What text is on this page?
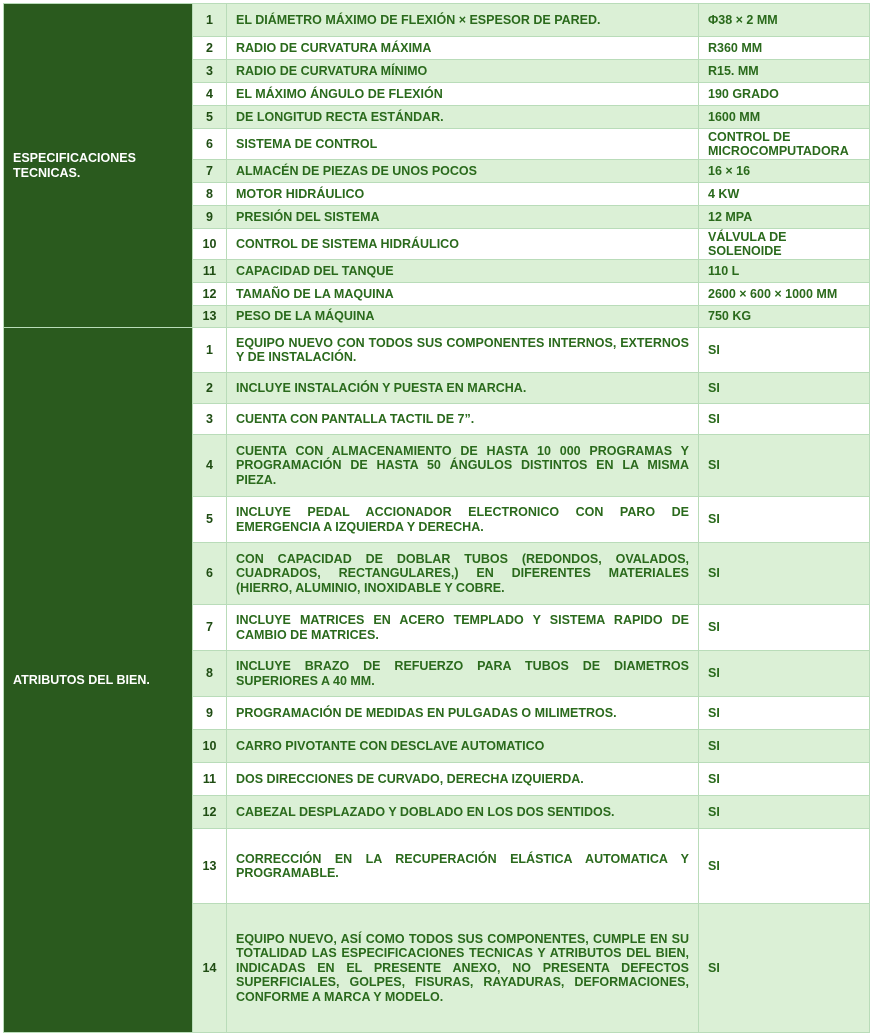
ESPECIFICACIONES TECNICAS.	1	EL DIÁMETRO MÁXIMO DE FLEXIÓN × ESPESOR DE PARED.	Φ38 × 2 MM
	2	RADIO DE CURVATURA MÁXIMA	R360 MM
	3	RADIO DE CURVATURA MÍNIMO	R15. MM
	4	EL MÁXIMO ÁNGULO DE FLEXIÓN	190 GRADO
	5	DE LONGITUD RECTA ESTÁNDAR.	1600 MM
	6	SISTEMA DE CONTROL	CONTROL DE MICROCOMPUTADORA
	7	ALMACÉN DE PIEZAS DE UNOS POCOS	16 × 16
	8	MOTOR HIDRÁULICO	4 KW
	9	PRESIÓN DEL SISTEMA	12 MPA
	10	CONTROL DE SISTEMA HIDRÁULICO	VÁLVULA DE SOLENOIDE
	11	CAPACIDAD DEL TANQUE	110 L
	12	TAMAÑO DE LA MAQUINA	2600 × 600 × 1000 MM
	13	PESO DE LA MÁQUINA	750 KG
ATRIBUTOS DEL BIEN.	1	EQUIPO NUEVO CON TODOS SUS COMPONENTES INTERNOS, EXTERNOS Y DE INSTALACIÓN.	SI
	2	INCLUYE INSTALACIÓN Y PUESTA EN MARCHA.	SI
	3	CUENTA CON PANTALLA TACTIL DE 7”.	SI
	4	CUENTA CON ALMACENAMIENTO DE HASTA 10 000 PROGRAMAS Y PROGRAMACIÓN DE HASTA 50 ÁNGULOS DISTINTOS EN LA MISMA PIEZA.	SI
	5	INCLUYE PEDAL ACCIONADOR ELECTRONICO CON PARO DE EMERGENCIA A IZQUIERDA Y DERECHA.	SI
	6	CON CAPACIDAD DE DOBLAR TUBOS (REDONDOS, OVALADOS, CUADRADOS, RECTANGULARES,) EN DIFERENTES MATERIALES (HIERRO, ALUMINIO, INOXIDABLE Y COBRE.	SI
	7	INCLUYE MATRICES EN ACERO TEMPLADO Y SISTEMA RAPIDO DE CAMBIO DE MATRICES.	SI
	8	INCLUYE BRAZO DE REFUERZO PARA TUBOS DE DIAMETROS SUPERIORES A 40 MM.	SI
	9	PROGRAMACIÓN DE MEDIDAS EN PULGADAS O MILIMETROS.	SI
	10	CARRO PIVOTANTE CON DESCLAVE AUTOMATICO	SI
	11	DOS DIRECCIONES DE CURVADO, DERECHA IZQUIERDA.	SI
	12	CABEZAL DESPLAZADO Y DOBLADO EN LOS DOS SENTIDOS.	SI
	13	CORRECCIÓN EN LA RECUPERACIÓN ELÁSTICA AUTOMATICA Y PROGRAMABLE.	SI
	14	EQUIPO NUEVO, ASÍ COMO TODOS SUS COMPONENTES, CUMPLE EN SU TOTALIDAD LAS ESPECIFICACIONES TECNICAS Y ATRIBUTOS DEL BIEN, INDICADAS EN EL PRESENTE ANEXO, NO PRESENTA DEFECTOS SUPERFICIALES, GOLPES, FISURAS, RAYADURAS, DEFORMACIONES, CONFORME A MARCA Y MODELO.	SI
